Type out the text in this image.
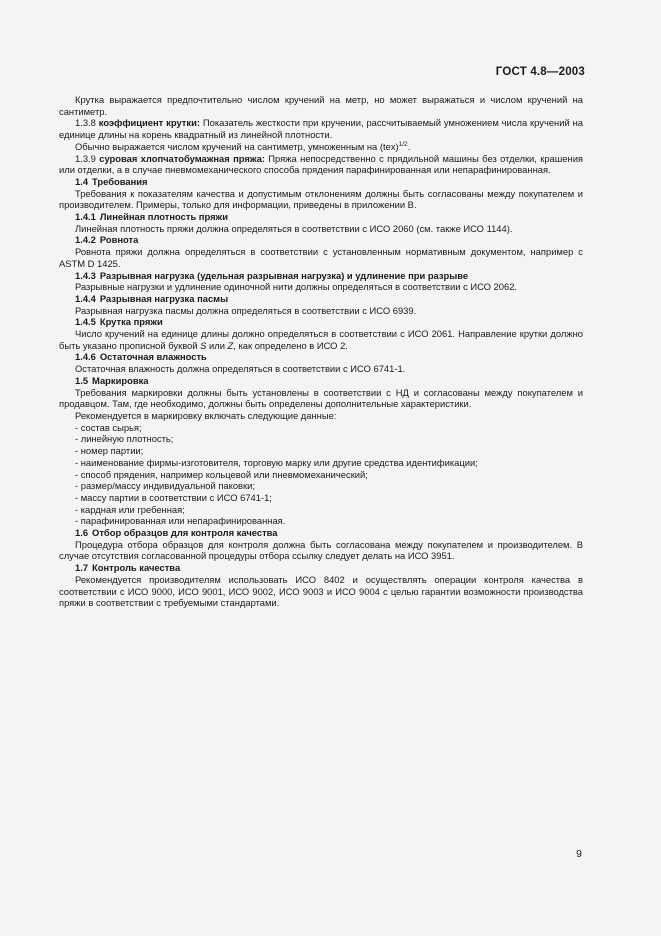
ГОСТ 4.8—2003

Крутка выражается предпочтительно числом кручений на метр, но может выражаться и числом кручений на сантиметр.

1.3.8 коэффициент крутки: Показатель жесткости при кручении, рассчитываемый умножением числа кручений на единице длины на корень квадратный из линейной плотности.

Обычно выражается числом кручений на сантиметр, умноженным на (tex)$^{1/2}$.

1.3.9 суровая хлопчатобумажная пряжа: Пряжа непосредственно с прядильной машины без отделки, крашения или отделки, а в случае пневмомеханического способа прядения парафинированная или непарафинированная.

1.4 Требования

Требования к показателям качества и допустимым отклонениям должны быть согласованы между покупателем и производителем. Примеры, только для информации, приведены в приложении В.

1.4.1 Линейная плотность пряжи

Линейная плотность пряжи должна определяться в соответствии с ИСО 2060 (см. также ИСО 1144).

1.4.2 Ровнота

Ровнота пряжи должна определяться в соответствии с установленным нормативным документом, например с ASTM D 1425.

1.4.3 Разрывная нагрузка (удельная разрывная нагрузка) и удлинение при разрыве

Разрывные нагрузки и удлинение одиночной нити должны определяться в соответствии с ИСО 2062.

1.4.4 Разрывная нагрузка пасмы

Разрывная нагрузка пасмы должна определяться в соответствии с ИСО 6939.

1.4.5 Крутка пряжи

Число кручений на единице длины должно определяться в соответствии с ИСО 2061. Направление крутки должно быть указано прописной буквой S или Z, как определено в ИСО 2.

1.4.6 Остаточная влажность

Остаточная влажность должна определяться в соответствии с ИСО 6741-1.

1.5 Маркировка

Требования маркировки должны быть установлены в соответствии с НД и согласованы между покупателем и продавцом. Там, где необходимо, должны быть определены дополнительные характеристики.

Рекомендуется в маркировку включать следующие данные:

- состав сырья;

- линейную плотность;

- номер партии;

- наименование фирмы-изготовителя, торговую марку или другие средства идентификации;

- способ прядения, например кольцевой или пневмомеханический;

- размер/массу индивидуальной паковки;

- массу партии в соответствии с ИСО 6741-1;

- кардная или гребенная;

- парафинированная или непарафинированная.

1.6 Отбор образцов для контроля качества

Процедура отбора образцов для контроля должна быть согласована между покупателем и производителем. В случае отсутствия согласованной процедуры отбора ссылку следует делать на ИСО 3951.

1.7 Контроль качества

Рекомендуется производителям использовать ИСО 8402 и осуществлять операции контроля качества в соответствии с ИСО 9000, ИСО 9001, ИСО 9002, ИСО 9003 и ИСО 9004 с целью гарантии возможности производства пряжи в соответствии с требуемыми стандартами.

9
